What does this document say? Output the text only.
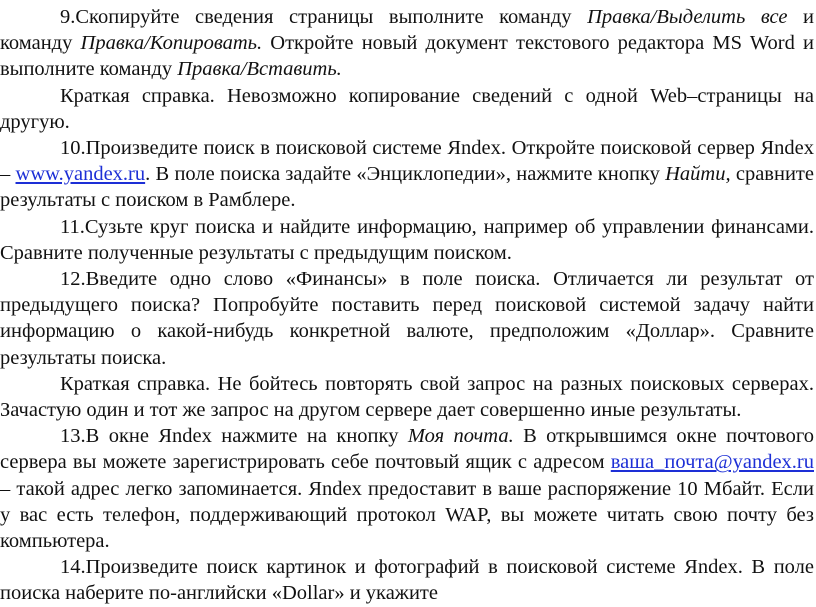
9.Скопируйте сведения страницы выполните команду Правка/Выделить все и команду Правка/Копировать. Откройте новый документ текстового редактора MS Word и выполните команду Правка/Вставить.

Краткая справка. Невозможно копирование сведений с одной Web–страницы на другую.

10.Произведите поиск в поисковой системе Яndex. Откройте поисковой сервер Яndex – www.yandex.ru. В поле поиска задайте «Энциклопедии», нажмите кнопку Найти, сравните результаты с поиском в Рамблере.

11.Сузьте круг поиска и найдите информацию, например об управлении финансами. Сравните полученные результаты с предыдущим поиском.

12.Введите одно слово «Финансы» в поле поиска. Отличается ли результат от предыдущего поиска? Попробуйте поставить перед поисковой системой задачу найти информацию о какой-нибудь конкретной валюте, предположим «Доллар». Сравните результаты поиска.

Краткая справка. Не бойтесь повторять свой запрос на разных поисковых серверах. Зачастую один и тот же запрос на другом сервере дает совершенно иные результаты.

13.В окне Яndex нажмите на кнопку Моя почта. В открывшимся окне почтового сервера вы можете зарегистрировать себе почтовый ящик с адресом ваша_почта@yandex.ru – такой адрес легко запоминается. Яndex предоставит в ваше распоряжение 10 Мбайт. Если у вас есть телефон, поддерживающий протокол WAP, вы можете читать свою почту без компьютера.

14.Произведите поиск картинок и фотографий в поисковой системе Яndex. В поле поиска наберите по-английски «Dollar» и укажите
